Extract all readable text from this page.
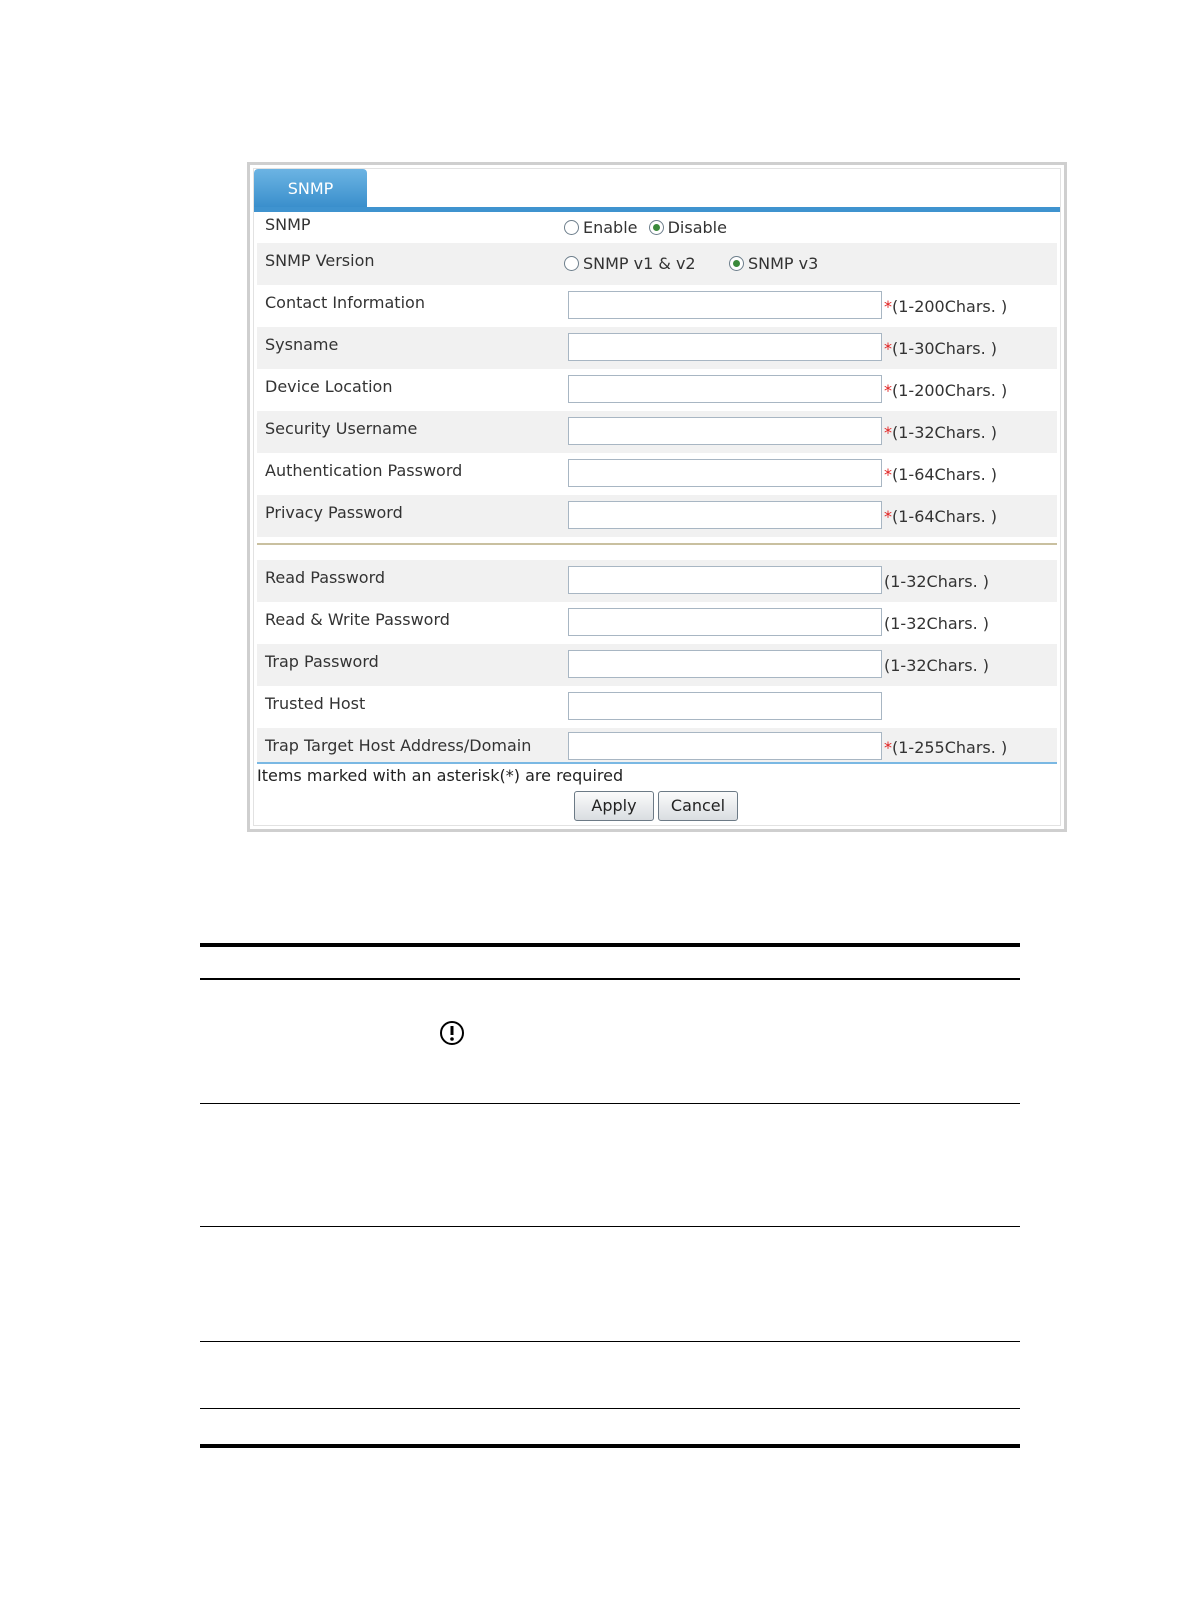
SNMP
SNMP	Enable Disable
SNMP Version	SNMP v1 & v2	SNMP v3
Contact Information	*(1-200Chars. )
Sysname	*(1-30Chars. )
Device Location	*(1-200Chars. )
Security Username	*(1-32Chars. )
Authentication Password	*(1-64Chars. )
Privacy Password	*(1-64Chars. )
Read Password	(1-32Chars. )
Read & Write Password	(1-32Chars. )
Trap Password	(1-32Chars. )
Trusted Host
Trap Target Host Address/Domain	*(1-255Chars. )
Items marked with an asterisk(*) are required
Apply	Cancel
